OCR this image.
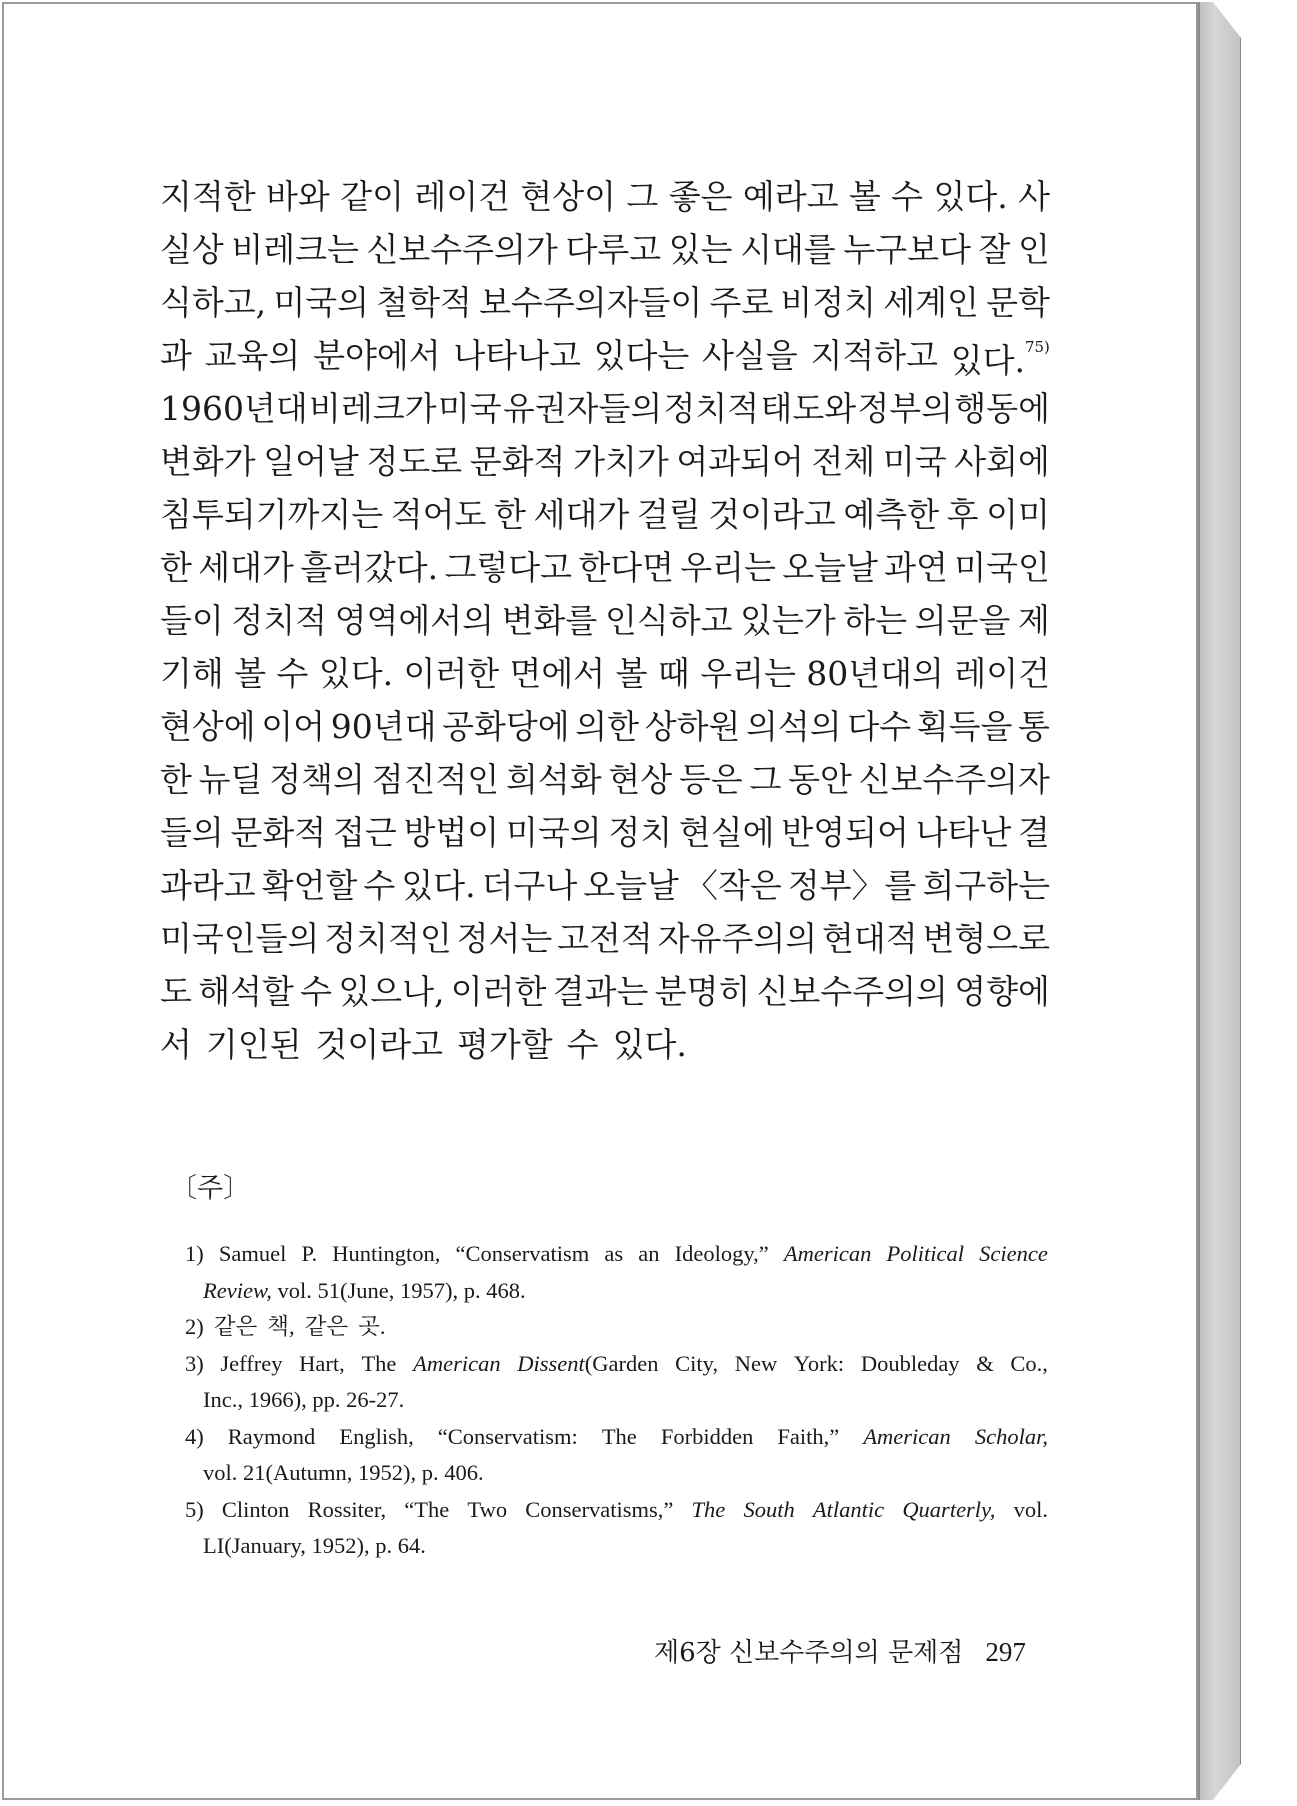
지적한 바와 같이 레이건 현상이 그 좋은 예라고 볼 수 있다. 사
실상 비레크는 신보수주의가 다루고 있는 시대를 누구보다 잘 인
식하고, 미국의 철학적 보수주의자들이 주로 비정치 세계인 문학
과 교육의 분야에서 나타나고 있다는 사실을 지적하고 있다.$^{75)}$
1960년대 비레크가 미국 유권자들의 정치적 태도와 정부의 행동에
변화가 일어날 정도로 문화적 가치가 여과되어 전체 미국 사회에
침투되기까지는 적어도 한 세대가 걸릴 것이라고 예측한 후 이미
한 세대가 흘러갔다. 그렇다고 한다면 우리는 오늘날 과연 미국인
들이 정치적 영역에서의 변화를 인식하고 있는가 하는 의문을 제
기해 볼 수 있다. 이러한 면에서 볼 때 우리는 80년대의 레이건
현상에 이어 90년대 공화당에 의한 상하원 의석의 다수 획득을 통
한 뉴딜 정책의 점진적인 희석화 현상 등은 그 동안 신보수주의자
들의 문화적 접근 방법이 미국의 정치 현실에 반영되어 나타난 결
과라고 확언할 수 있다. 더구나 오늘날 〈작은 정부〉를 희구하는
미국인들의 정치적인 정서는 고전적 자유주의의 현대적 변형으로
도 해석할 수 있으나, 이러한 결과는 분명히 신보수주의의 영향에
서 기인된 것이라고 평가할 수 있다.
〔주〕
1) Samuel P. Huntington, “Conservatism as an Ideology,” American Political Science
Review, vol. 51(June, 1957), p. 468.
2) 같은 책, 같은 곳.
3) Jeffrey Hart, The American Dissent(Garden City, New York: Doubleday & Co.,
Inc., 1966), pp. 26-27.
4) Raymond English, “Conservatism: The Forbidden Faith,” American Scholar,
vol. 21(Autumn, 1952), p. 406.
5) Clinton Rossiter, “The Two Conservatisms,” The South Atlantic Quarterly, vol.
LI(January, 1952), p. 64.
제6장 신보수주의의 문제점 297
